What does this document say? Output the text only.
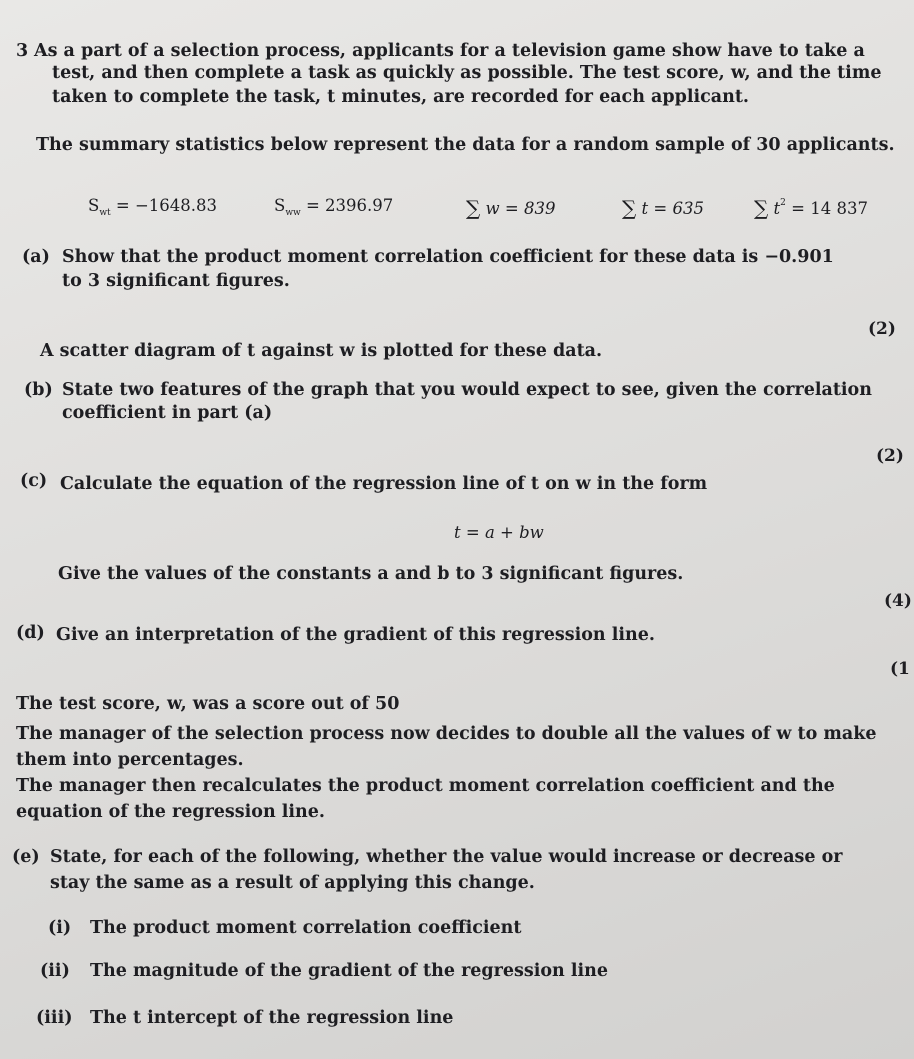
3 As a part of a selection process, applicants for a television game show have to take a
test, and then complete a task as quickly as possible. The test score, w, and the time
taken to complete the task, t minutes, are recorded for each applicant.
The summary statistics below represent the data for a random sample of 30 applicants.
$S_{wt} = -1648.83$	$S_{ww} = 2396.97$	∑ w = 839	∑ t = 635	∑ $t^2 = 14$ 837
(a) Show that the product moment correlation coefficient for these data is −0.901
to 3 significant figures.
(2)
A scatter diagram of t against w is plotted for these data.
(b) State two features of the graph that you would expect to see, given the correlation
coefficient in part (a)
(2)
(c) Calculate the equation of the regression line of t on w in the form
t = a + bw
Give the values of the constants a and b to 3 significant figures.
(4)
(d) Give an interpretation of the gradient of this regression line.
(1
The test score, w, was a score out of 50
The manager of the selection process now decides to double all the values of w to make
them into percentages.
The manager then recalculates the product moment correlation coefficient and the
equation of the regression line.
(e) State, for each of the following, whether the value would increase or decrease or
stay the same as a result of applying this change.
(i) The product moment correlation coefficient
(ii) The magnitude of the gradient of the regression line
(iii) The t intercept of the regression line
